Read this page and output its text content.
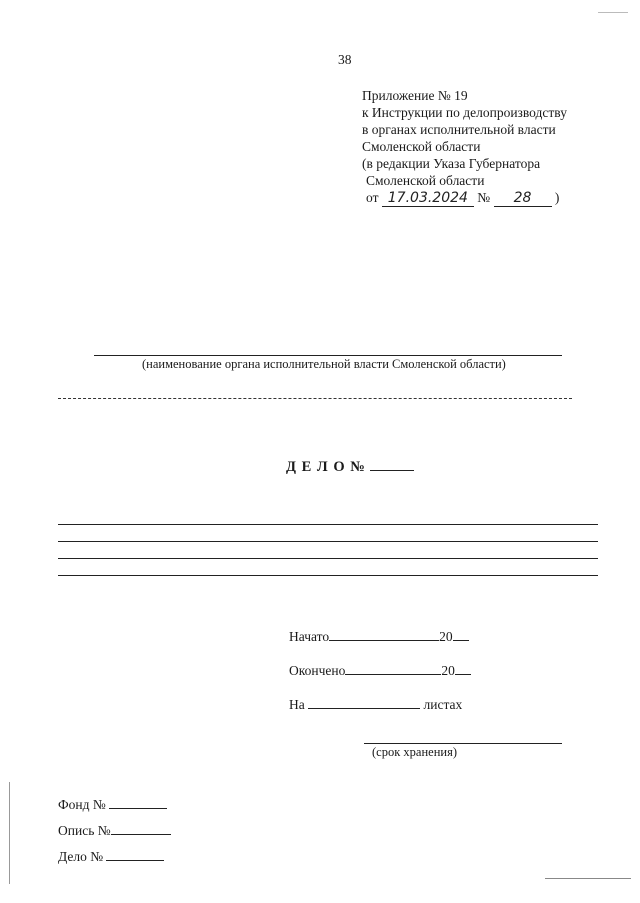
38
Приложение № 19
к Инструкции по делопроизводству
в органах исполнительной власти
Смоленской области
(в редакции Указа Губернатора
Смоленской области
от 17.03.2024 № 28 )
(наименование органа исполнительной власти Смоленской области)
Д Е Л О №
Начато	20
Окончено	20
На	листах
(срок хранения)
Фонд №
Опись №
Дело №
